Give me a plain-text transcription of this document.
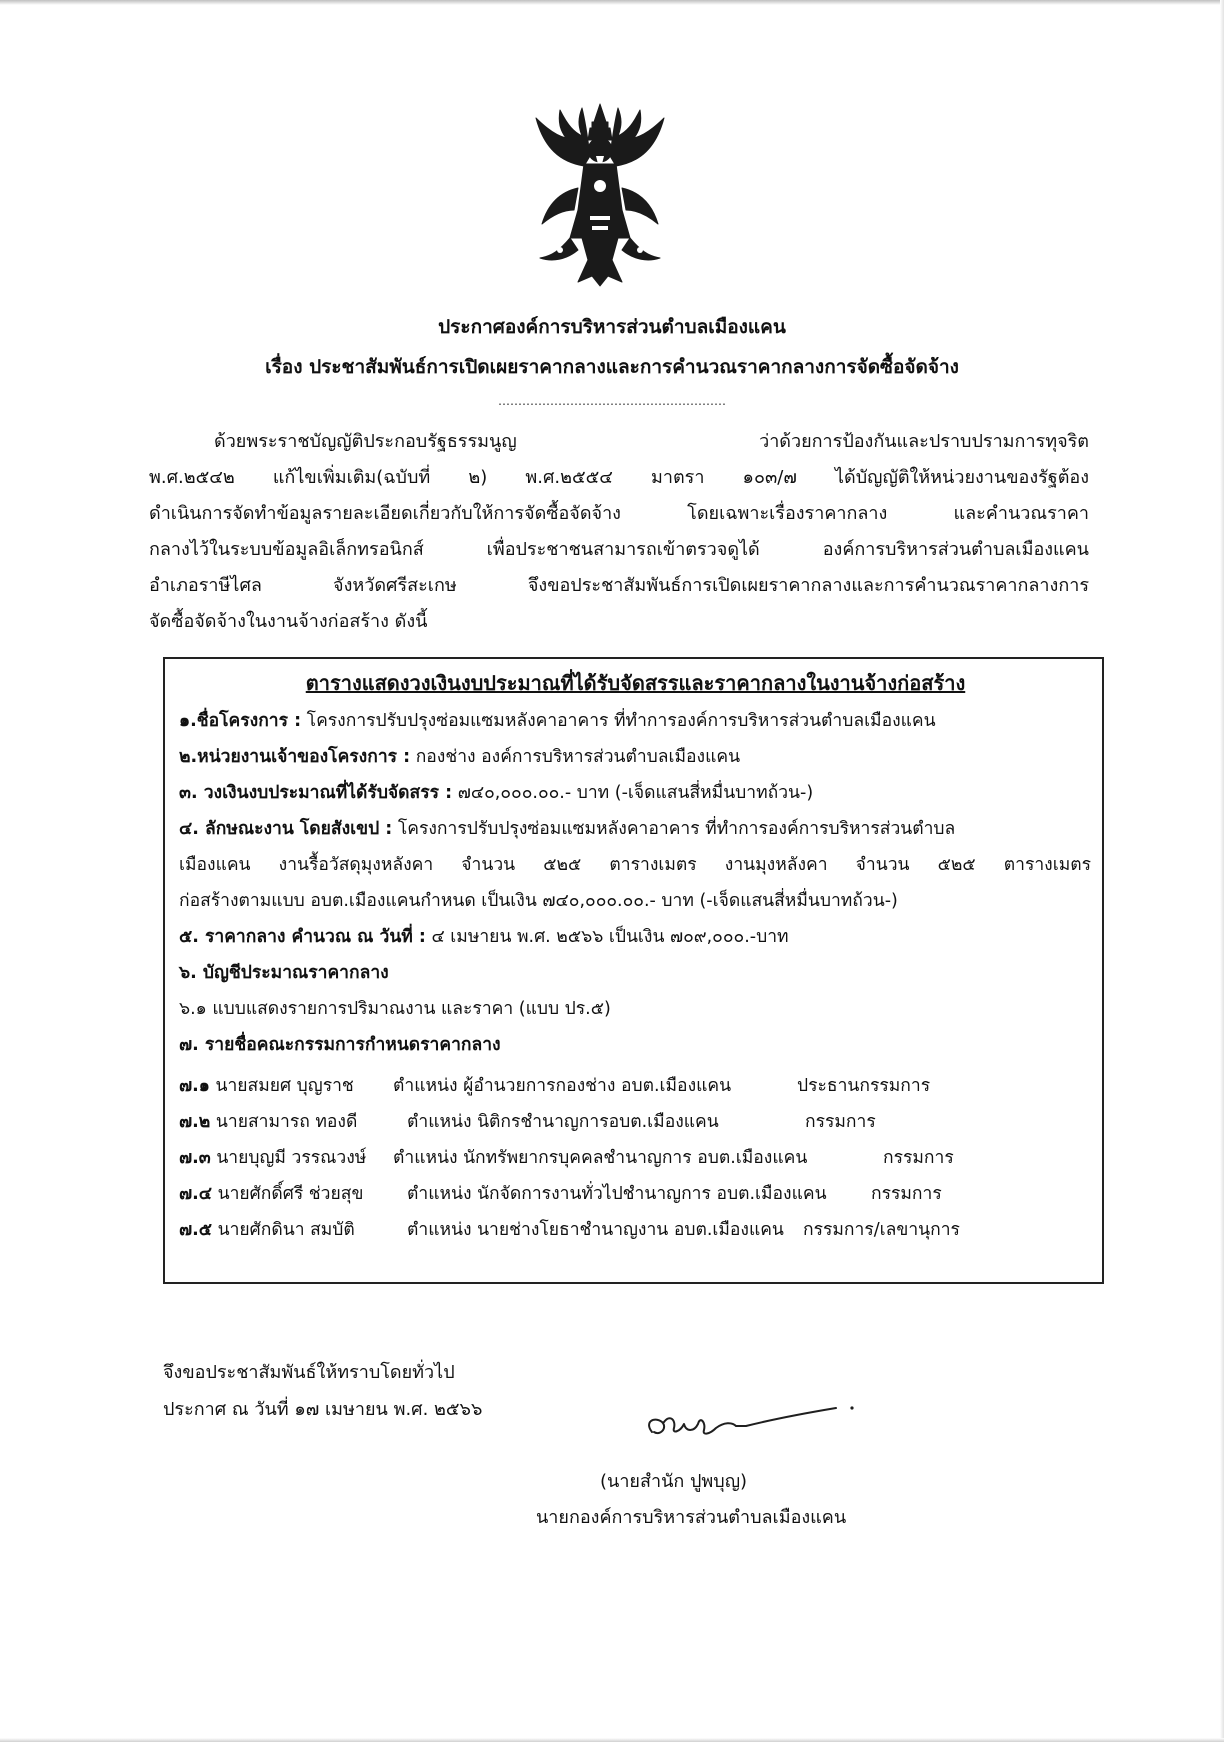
ประกาศองค์การบริหารส่วนตำบลเมืองแคน
เรื่อง ประชาสัมพันธ์การเปิดเผยราคากลางและการคำนวณราคากลางการจัดซื้อจัดจ้าง
…………………………………………………
ด้วยพระราชบัญญัติประกอบรัฐธรรมนูญ ว่าด้วยการป้องกันและปราบปรามการทุจริต
พ.ศ.๒๕๔๒ แก้ไขเพิ่มเติม(ฉบับที่ ๒) พ.ศ.๒๕๕๔ มาตรา ๑๐๓/๗ ได้บัญญัติให้หน่วยงานของรัฐต้อง
ดำเนินการจัดทำข้อมูลรายละเอียดเกี่ยวกับให้การจัดซื้อจัดจ้าง โดยเฉพาะเรื่องราคากลาง และคำนวณราคา
กลางไว้ในระบบข้อมูลอิเล็กทรอนิกส์ เพื่อประชาชนสามารถเข้าตรวจดูได้ องค์การบริหารส่วนตำบลเมืองแคน
อำเภอราษีไศล จังหวัดศรีสะเกษ จึงขอประชาสัมพันธ์การเปิดเผยราคากลางและการคำนวณราคากลางการ
จัดซื้อจัดจ้างในงานจ้างก่อสร้าง ดังนี้
ตารางแสดงวงเงินงบประมาณที่ได้รับจัดสรรและราคากลางในงานจ้างก่อสร้าง
๑.ชื่อโครงการ : โครงการปรับปรุงซ่อมแซมหลังคาอาคาร ที่ทำการองค์การบริหารส่วนตำบลเมืองแคน
๒.หน่วยงานเจ้าของโครงการ : กองช่าง องค์การบริหารส่วนตำบลเมืองแคน
๓. วงเงินงบประมาณที่ได้รับจัดสรร : ๗๔๐,๐๐๐.๐๐.- บาท (-เจ็ดแสนสี่หมื่นบาทถ้วน-)
๔. ลักษณะงาน โดยสังเขป : โครงการปรับปรุงซ่อมแซมหลังคาอาคาร ที่ทำการองค์การบริหารส่วนตำบล
เมืองแคน งานรื้อวัสดุมุงหลังคา จำนวน ๕๒๕ ตารางเมตร งานมุงหลังคา จำนวน ๕๒๕ ตารางเมตร
ก่อสร้างตามแบบ อบต.เมืองแคนกำหนด เป็นเงิน ๗๔๐,๐๐๐.๐๐.- บาท (-เจ็ดแสนสี่หมื่นบาทถ้วน-)
๕. ราคากลาง คำนวณ ณ วันที่ : ๔ เมษายน พ.ศ. ๒๕๖๖ เป็นเงิน ๗๐๙,๐๐๐.-บาท
๖. บัญชีประมาณราคากลาง
๖.๑ แบบแสดงรายการปริมาณงาน และราคา (แบบ ปร.๕)
๗. รายชื่อคณะกรรมการกำหนดราคากลาง
๗.๑ นายสมยศ บุญราช ตำแหน่ง ผู้อำนวยการกองช่าง อบต.เมืองแคน	ประธานกรรมการ
๗.๒ นายสามารถ ทองดี	ตำแหน่ง นิติกรชำนาญการอบต.เมืองแคน	กรรมการ
๗.๓ นายบุญมี วรรณวงษ์ ตำแหน่ง นักทรัพยากรบุคคลชำนาญการ อบต.เมืองแคน	กรรมการ
๗.๔ นายศักดิ์ศรี ช่วยสุข ตำแหน่ง นักจัดการงานทั่วไปชำนาญการ อบต.เมืองแคน	กรรมการ
๗.๕ นายศักดินา สมบัติ	ตำแหน่ง นายช่างโยธาชำนาญงาน อบต.เมืองแคน กรรมการ/เลขานุการ
จึงขอประชาสัมพันธ์ให้ทราบโดยทั่วไป
ประกาศ ณ วันที่ ๑๗ เมษายน พ.ศ. ๒๕๖๖
(นายสำนัก ปูพบุญ)
นายกองค์การบริหารส่วนตำบลเมืองแคน
